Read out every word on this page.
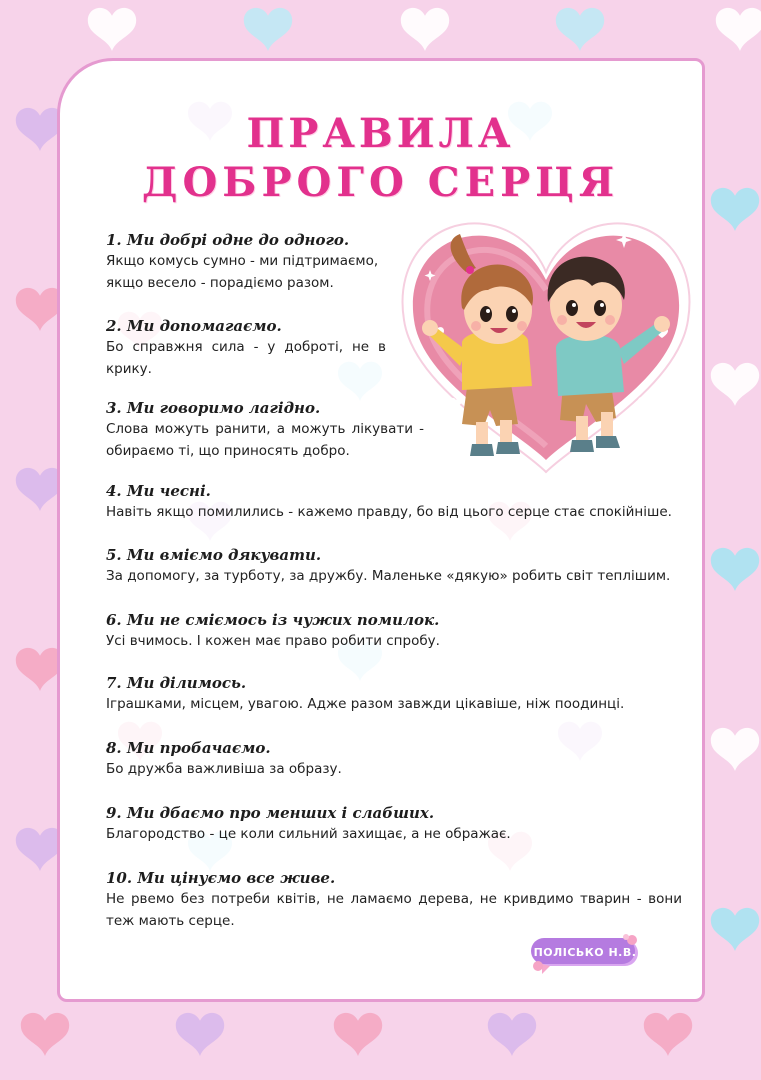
ПРАВИЛА
ДОБРОГО СЕРЦЯ
1. Ми добрі одне до одного.
Якщо комусь сумно - ми підтримаємо, якщо весело - порадіємо разом.
2. Ми допомагаємо.
Бо справжня сила - у доброті, не в крику.
3. Ми говоримо лагідно.
Слова можуть ранити, а можуть лікувати - обираємо ті, що приносять добро.
4. Ми чесні.
Навіть якщо помилились - кажемо правду, бо від цього серце стає спокійніше.
5. Ми вміємо дякувати.
За допомогу, за турботу, за дружбу. Маленьке «дякую» робить світ теплішим.
6. Ми не сміємось із чужих помилок.
Усі вчимось. І кожен має право робити спробу.
7. Ми ділимось.
Іграшками, місцем, увагою. Адже разом завжди цікавіше, ніж поодинці.
8. Ми пробачаємо.
Бо дружба важливіша за образу.
9. Ми дбаємо про менших і слабших.
Благородство - це коли сильний захищає, а не ображає.
10. Ми цінуємо все живе.
Не рвемо без потреби квітів, не ламаємо дерева, не кривдимо тварин - вони теж мають серце.
ПОЛІСЬКО Н.В.
